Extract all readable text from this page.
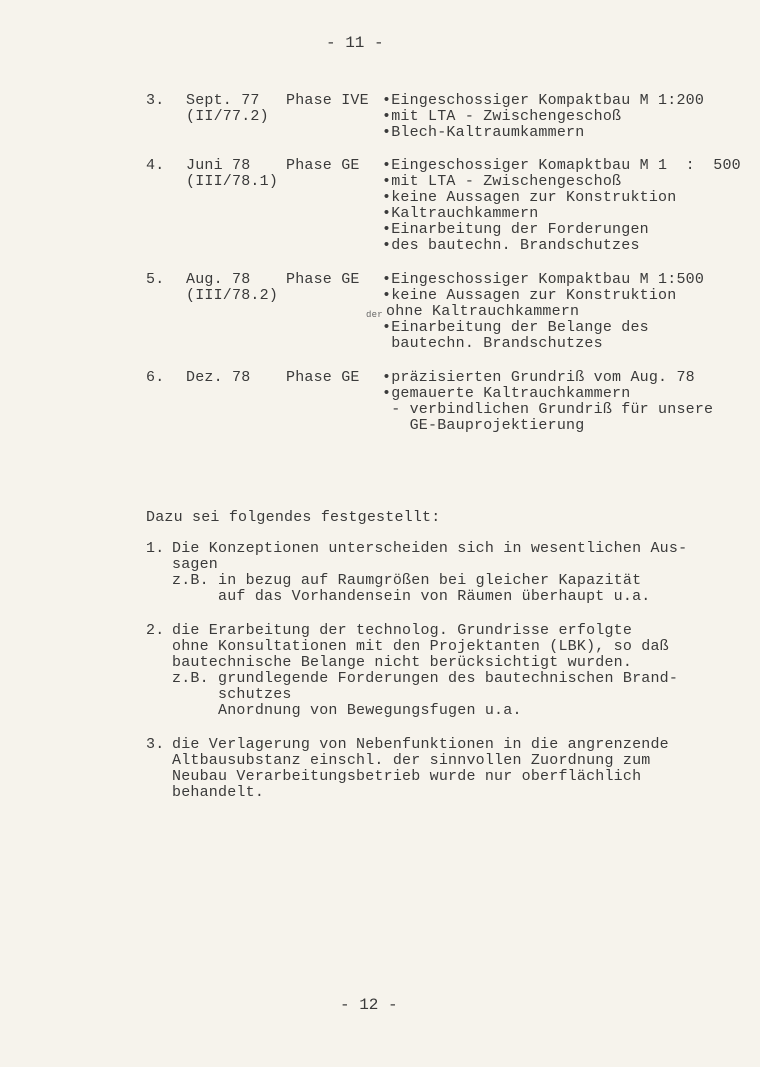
- 11 -
3. Sept. 77 Phase IVE
(II/77.2)
•Eingeschossiger Kompaktbau M 1:200
•mit LTA - Zwischengeschoß
•Blech-Kaltraumkammern
4. Juni 78 Phase GE
(III/78.1)
•Eingeschossiger Komapktbau M 1  :  500
•mit LTA - Zwischengeschoß
•keine Aussagen zur Konstruktion
•Kaltrauchkammern
•Einarbeitung der Forderungen
•des bautechn. Brandschutzes
5. Aug. 78 Phase GE
(III/78.2)
•Eingeschossiger Kompaktbau M 1:500
•keine Aussagen zur Konstruktion
der ohne Kaltrauchkammern
•Einarbeitung der Belange des
bautechn. Brandschutzes
6. Dez. 78 Phase GE •präzisierten Grundriß vom Aug. 78
•gemauerte Kaltrauchkammern
- verbindlichen Grundriß für unsere
GE-Bauprojektierung
Dazu sei folgendes festgestellt:
1. Die Konzeptionen unterscheiden sich in wesentlichen Aus-
sagen
z.B. in bezug auf Raumgrößen bei gleicher Kapazität
auf das Vorhandensein von Räumen überhaupt u.a.
2. die Erarbeitung der technolog. Grundrisse erfolgte
ohne Konsultationen mit den Projektanten (LBK), so daß
bautechnische Belange nicht berücksichtigt wurden.
z.B. grundlegende Forderungen des bautechnischen Brand-
schutzes
Anordnung von Bewegungsfugen u.a.
3. die Verlagerung von Nebenfunktionen in die angrenzende
Altbausubstanz einschl. der sinnvollen Zuordnung zum
Neubau Verarbeitungsbetrieb wurde nur oberflächlich
behandelt.
- 12 -
